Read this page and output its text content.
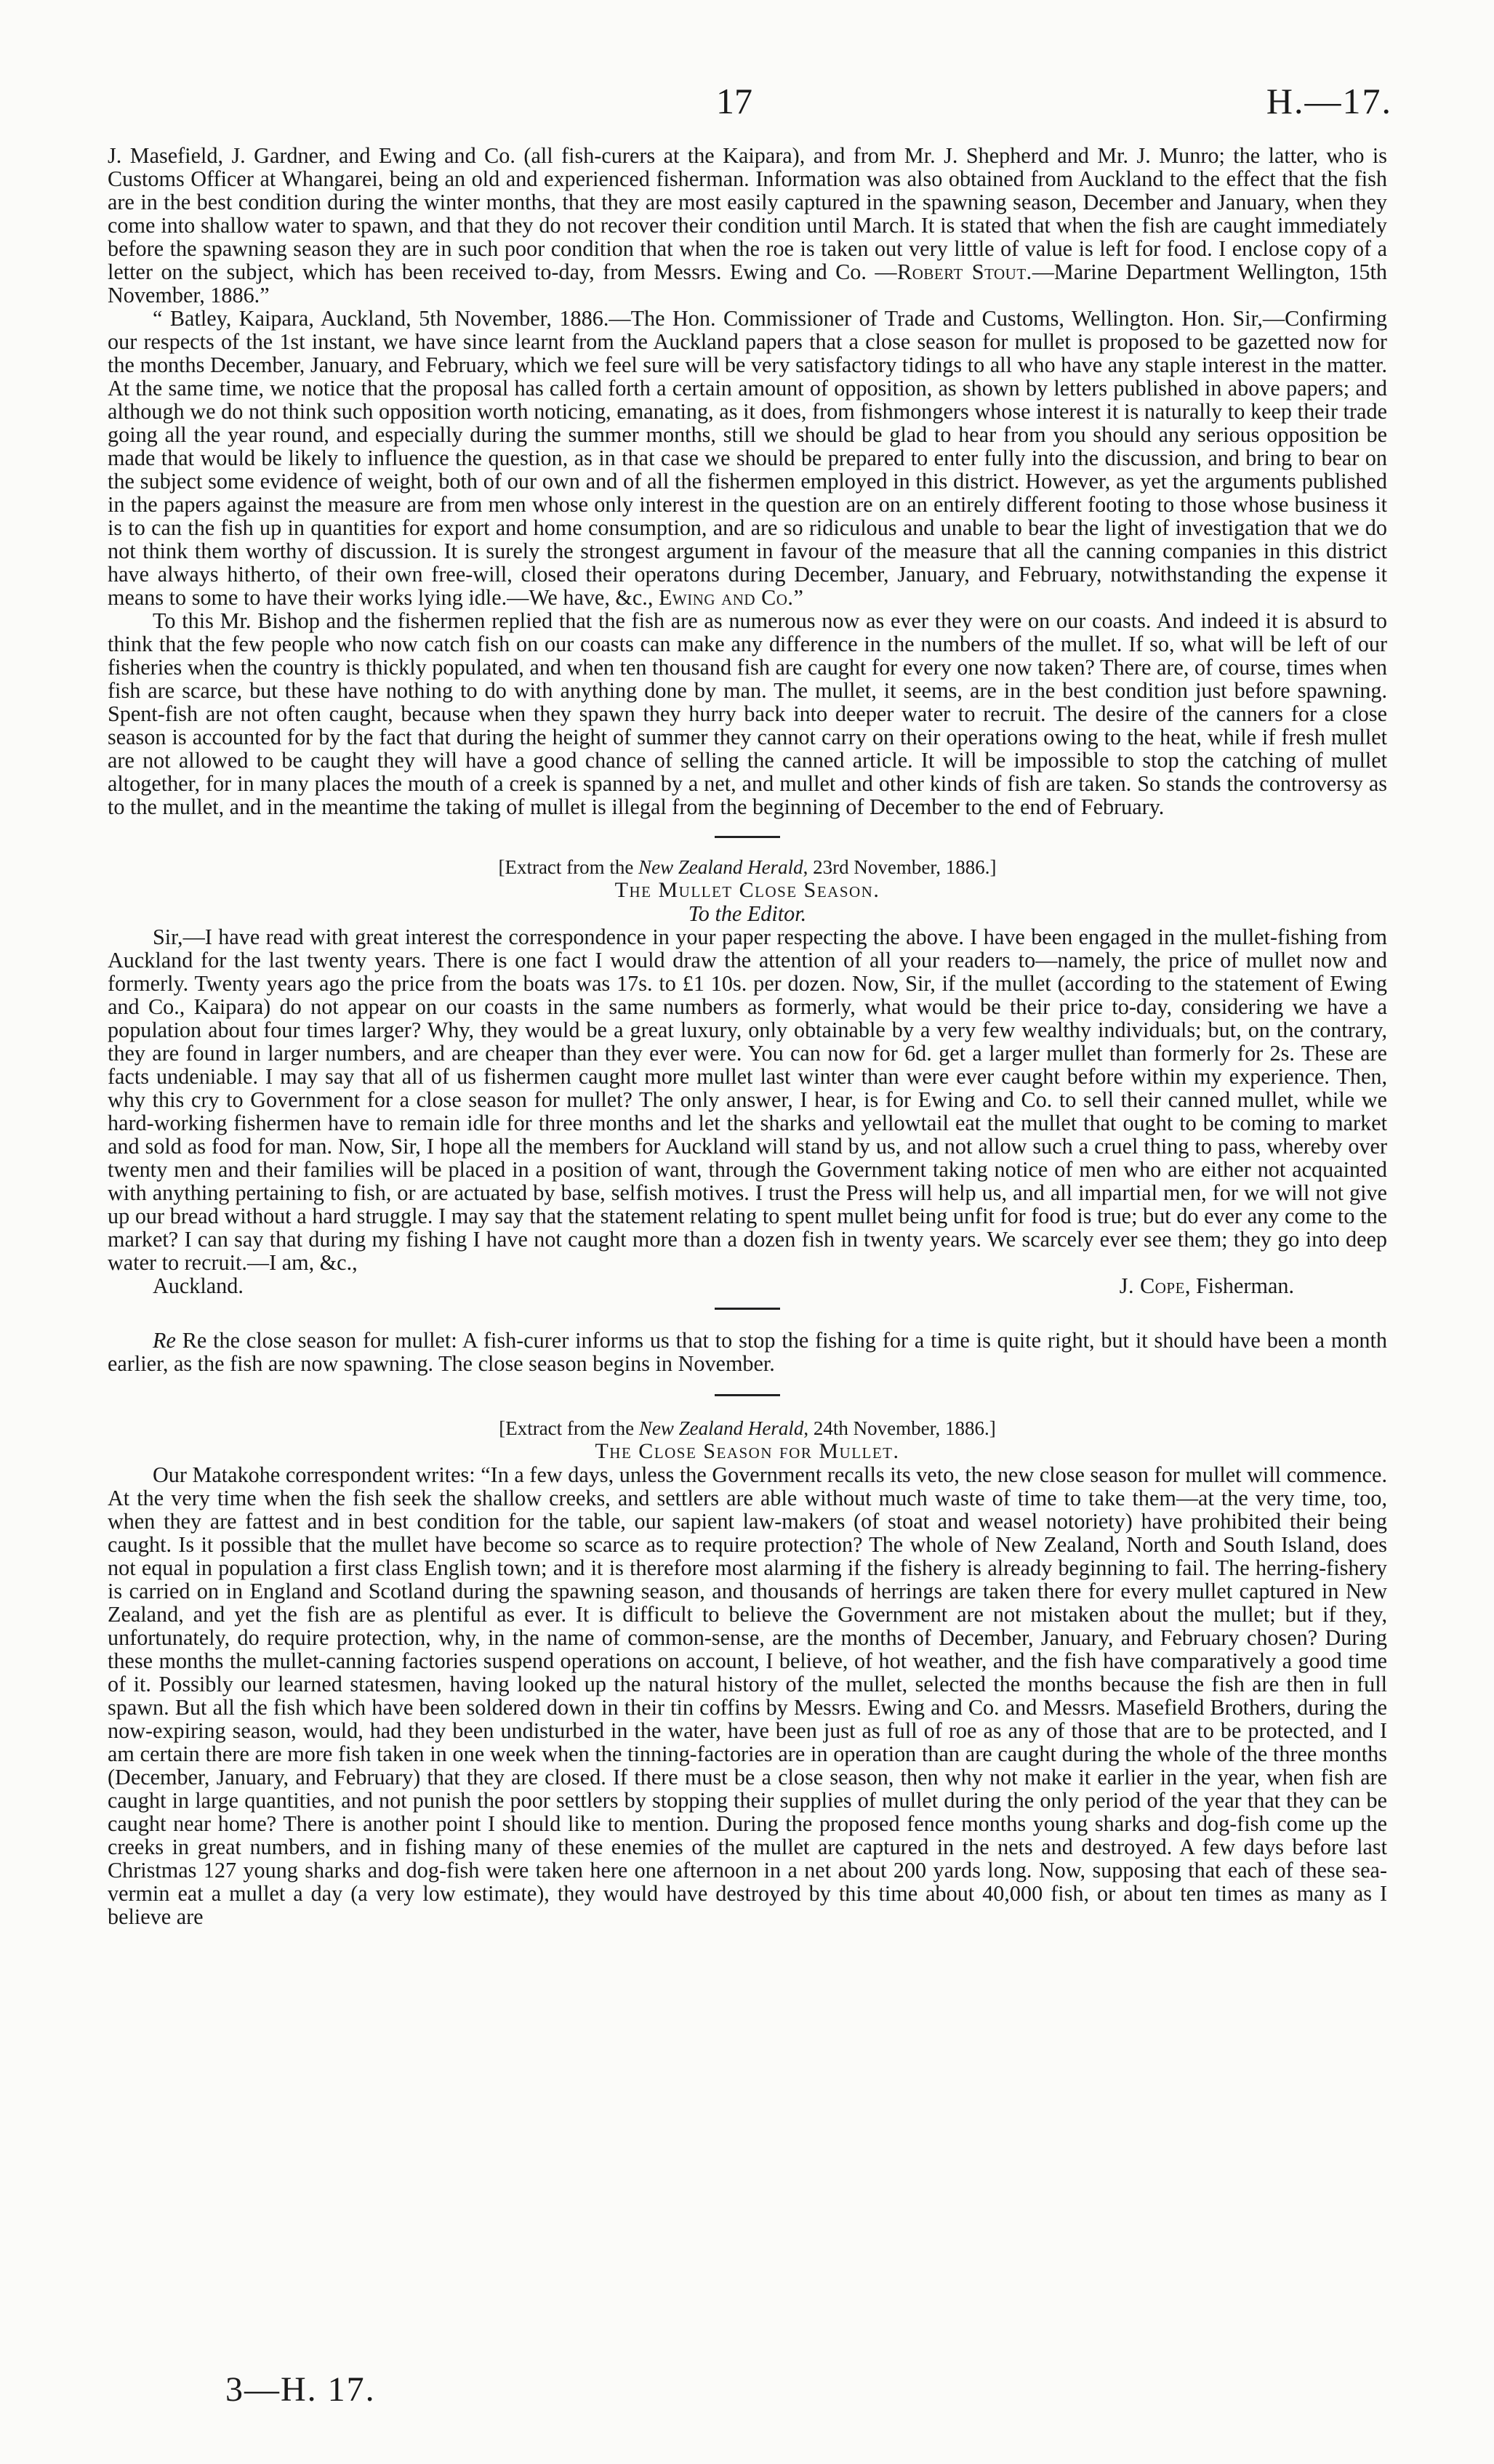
17	H.—17.

J. Masefield, J. Gardner, and Ewing and Co. (all fish-curers at the Kaipara), and from Mr. J. Shepherd and Mr. J. Munro; the latter, who is Customs Officer at Whangarei, being an old and experienced fisherman. Information was also obtained from Auckland to the effect that the fish are in the best condition during the winter months, that they are most easily captured in the spawning season, December and January, when they come into shallow water to spawn, and that they do not recover their condition until March. It is stated that when the fish are caught immediately before the spawning season they are in such poor condition that when the roe is taken out very little of value is left for food. I enclose copy of a letter on the subject, which has been received to-day, from Messrs. Ewing and Co. —Robert Stout.—Marine Department Wellington, 15th November, 1886.”

“ Batley, Kaipara, Auckland, 5th November, 1886.—The Hon. Commissioner of Trade and Customs, Wellington. Hon. Sir,—Confirming our respects of the 1st instant, we have since learnt from the Auckland papers that a close season for mullet is proposed to be gazetted now for the months December, January, and February, which we feel sure will be very satisfactory tidings to all who have any staple interest in the matter. At the same time, we notice that the proposal has called forth a certain amount of opposition, as shown by letters published in above papers; and although we do not think such opposition worth noticing, emanating, as it does, from fishmongers whose interest it is naturally to keep their trade going all the year round, and especially during the summer months, still we should be glad to hear from you should any serious opposition be made that would be likely to influence the question, as in that case we should be prepared to enter fully into the discussion, and bring to bear on the subject some evidence of weight, both of our own and of all the fishermen employed in this district. However, as yet the arguments published in the papers against the measure are from men whose only interest in the question are on an entirely different footing to those whose business it is to can the fish up in quantities for export and home consumption, and are so ridiculous and unable to bear the light of investigation that we do not think them worthy of discussion. It is surely the strongest argument in favour of the measure that all the canning companies in this district have always hitherto, of their own free-will, closed their operatons during December, January, and February, notwithstanding the expense it means to some to have their works lying idle.—We have, &c., Ewing and Co.”

To this Mr. Bishop and the fishermen replied that the fish are as numerous now as ever they were on our coasts. And indeed it is absurd to think that the few people who now catch fish on our coasts can make any difference in the numbers of the mullet. If so, what will be left of our fisheries when the country is thickly populated, and when ten thousand fish are caught for every one now taken? There are, of course, times when fish are scarce, but these have nothing to do with anything done by man. The mullet, it seems, are in the best condition just before spawning. Spent-fish are not often caught, because when they spawn they hurry back into deeper water to recruit. The desire of the canners for a close season is accounted for by the fact that during the height of summer they cannot carry on their operations owing to the heat, while if fresh mullet are not allowed to be caught they will have a good chance of selling the canned article. It will be impossible to stop the catching of mullet altogether, for in many places the mouth of a creek is spanned by a net, and mullet and other kinds of fish are taken. So stands the controversy as to the mullet, and in the meantime the taking of mullet is illegal from the beginning of December to the end of February.

[Extract from the New Zealand Herald, 23rd November, 1886.]

The Mullet Close Season.

To the Editor.

Sir,—I have read with great interest the correspondence in your paper respecting the above. I have been engaged in the mullet-fishing from Auckland for the last twenty years. There is one fact I would draw the attention of all your readers to—namely, the price of mullet now and formerly. Twenty years ago the price from the boats was 17s. to £1 10s. per dozen. Now, Sir, if the mullet (according to the statement of Ewing and Co., Kaipara) do not appear on our coasts in the same numbers as formerly, what would be their price to-day, considering we have a population about four times larger? Why, they would be a great luxury, only obtainable by a very few wealthy individuals; but, on the contrary, they are found in larger numbers, and are cheaper than they ever were. You can now for 6d. get a larger mullet than formerly for 2s. These are facts undeniable. I may say that all of us fishermen caught more mullet last winter than were ever caught before within my experience. Then, why this cry to Government for a close season for mullet? The only answer, I hear, is for Ewing and Co. to sell their canned mullet, while we hard-working fishermen have to remain idle for three months and let the sharks and yellowtail eat the mullet that ought to be coming to market and sold as food for man. Now, Sir, I hope all the members for Auckland will stand by us, and not allow such a cruel thing to pass, whereby over twenty men and their families will be placed in a position of want, through the Government taking notice of men who are either not acquainted with anything pertaining to fish, or are actuated by base, selfish motives. I trust the Press will help us, and all impartial men, for we will not give up our bread without a hard struggle. I may say that the statement relating to spent mullet being unfit for food is true; but do ever any come to the market? I can say that during my fishing I have not caught more than a dozen fish in twenty years. We scarcely ever see them; they go into deep water to recruit.—I am, &c.,

Auckland.	J. Cope, Fisherman.

Re Re the close season for mullet: A fish-curer informs us that to stop the fishing for a time is quite right, but it should have been a month earlier, as the fish are now spawning. The close season begins in November.

[Extract from the New Zealand Herald, 24th November, 1886.]

The Close Season for Mullet.

Our Matakohe correspondent writes: “In a few days, unless the Government recalls its veto, the new close season for mullet will commence. At the very time when the fish seek the shallow creeks, and settlers are able without much waste of time to take them—at the very time, too, when they are fattest and in best condition for the table, our sapient law-makers (of stoat and weasel notoriety) have prohibited their being caught. Is it possible that the mullet have become so scarce as to require protection? The whole of New Zealand, North and South Island, does not equal in population a first class English town; and it is therefore most alarming if the fishery is already beginning to fail. The herring-fishery is carried on in England and Scotland during the spawning season, and thousands of herrings are taken there for every mullet captured in New Zealand, and yet the fish are as plentiful as ever. It is difficult to believe the Government are not mistaken about the mullet; but if they, unfortunately, do require protection, why, in the name of common-sense, are the months of December, January, and February chosen? During these months the mullet-canning factories suspend operations on account, I believe, of hot weather, and the fish have comparatively a good time of it. Possibly our learned statesmen, having looked up the natural history of the mullet, selected the months because the fish are then in full spawn. But all the fish which have been soldered down in their tin coffins by Messrs. Ewing and Co. and Messrs. Masefield Brothers, during the now-expiring season, would, had they been undisturbed in the water, have been just as full of roe as any of those that are to be protected, and I am certain there are more fish taken in one week when the tinning-factories are in operation than are caught during the whole of the three months (December, January, and February) that they are closed. If there must be a close season, then why not make it earlier in the year, when fish are caught in large quantities, and not punish the poor settlers by stopping their supplies of mullet during the only period of the year that they can be caught near home? There is another point I should like to mention. During the proposed fence months young sharks and dog-fish come up the creeks in great numbers, and in fishing many of these enemies of the mullet are captured in the nets and destroyed. A few days before last Christmas 127 young sharks and dog-fish were taken here one afternoon in a net about 200 yards long. Now, supposing that each of these sea-vermin eat a mullet a day (a very low estimate), they would have destroyed by this time about 40,000 fish, or about ten times as many as I believe are

3—H. 17.
